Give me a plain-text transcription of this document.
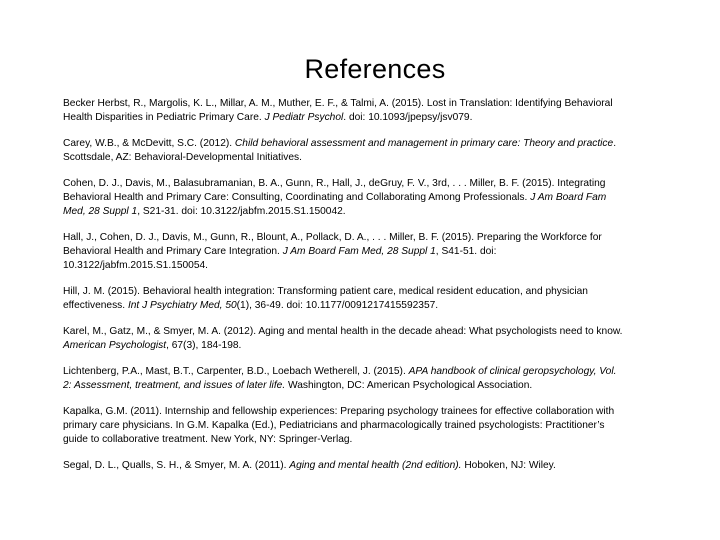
References

Becker Herbst, R., Margolis, K. L., Millar, A. M., Muther, E. F., & Talmi, A. (2015). Lost in Translation: Identifying Behavioral Health Disparities in Pediatric Primary Care. J Pediatr Psychol. doi: 10.1093/jpepsy/jsv079.

Carey, W.B., & McDevitt, S.C. (2012). Child behavioral assessment and management in primary care: Theory and practice. Scottsdale, AZ: Behavioral-Developmental Initiatives.

Cohen, D. J., Davis, M., Balasubramanian, B. A., Gunn, R., Hall, J., deGruy, F. V., 3rd, . . . Miller, B. F. (2015). Integrating Behavioral Health and Primary Care: Consulting, Coordinating and Collaborating Among Professionals. J Am Board Fam Med, 28 Suppl 1, S21-31. doi: 10.3122/jabfm.2015.S1.150042.

Hall, J., Cohen, D. J., Davis, M., Gunn, R., Blount, A., Pollack, D. A., . . . Miller, B. F. (2015). Preparing the Workforce for Behavioral Health and Primary Care Integration. J Am Board Fam Med, 28 Suppl 1, S41-51. doi: 10.3122/jabfm.2015.S1.150054.

Hill, J. M. (2015). Behavioral health integration: Transforming patient care, medical resident education, and physician effectiveness. Int J Psychiatry Med, 50(1), 36-49. doi: 10.1177/0091217415592357.

Karel, M., Gatz, M., & Smyer, M. A. (2012). Aging and mental health in the decade ahead: What psychologists need to know. American Psychologist, 67(3), 184-198.

Lichtenberg, P.A., Mast, B.T., Carpenter, B.D., Loebach Wetherell, J. (2015). APA handbook of clinical geropsychology, Vol. 2: Assessment, treatment, and issues of later life. Washington, DC: American Psychological Association.

Kapalka, G.M. (2011). Internship and fellowship experiences: Preparing psychology trainees for effective collaboration with primary care physicians. In G.M. Kapalka (Ed.), Pediatricians and pharmacologically trained psychologists: Practitioner’s guide to collaborative treatment. New York, NY: Springer-Verlag.

Segal, D. L., Qualls, S. H., & Smyer, M. A. (2011). Aging and mental health (2nd edition). Hoboken, NJ: Wiley.
